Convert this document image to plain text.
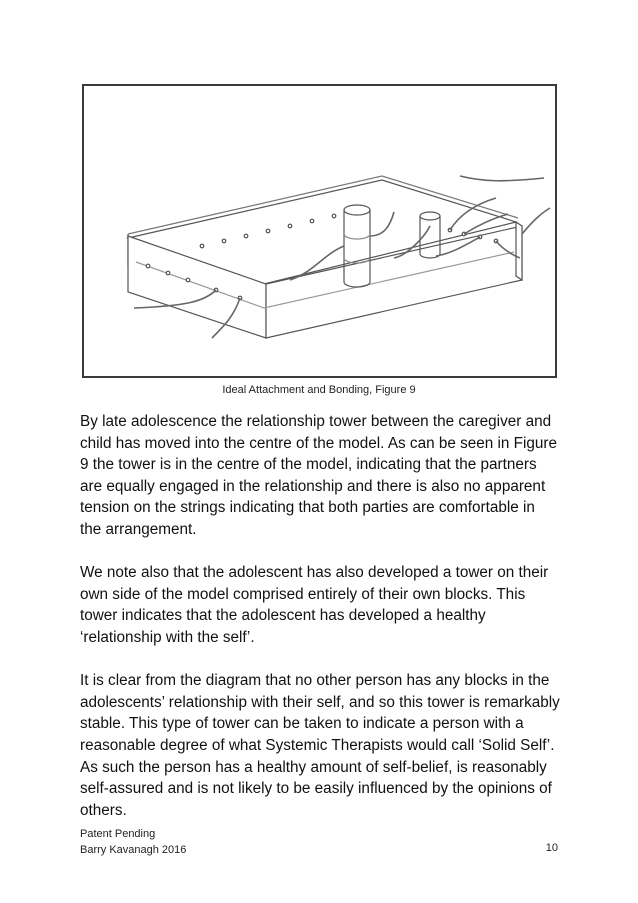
Ideal Attachment and Bonding, Figure 9

By late adolescence the relationship tower between the caregiver and child has moved into the centre of the model. As can be seen in Figure 9 the tower is in the centre of the model, indicating that the partners are equally engaged in the relationship and there is also no apparent tension on the strings indicating that both parties are comfortable in the arrangement.

We note also that the adolescent has also developed a tower on their own side of the model comprised entirely of their own blocks. This tower indicates that the adolescent has developed a healthy ‘relationship with the self’.

It is clear from the diagram that no other person has any blocks in the adolescents’ relationship with their self, and so this tower is remarkably stable. This type of tower can be taken to indicate a person with a reasonable degree of what Systemic Therapists would call ‘Solid Self’. As such the person has a healthy amount of self-belief, is reasonably self-assured and is not likely to be easily influenced by the opinions of others.

Patent Pending
Barry Kavanagh 2016	10
